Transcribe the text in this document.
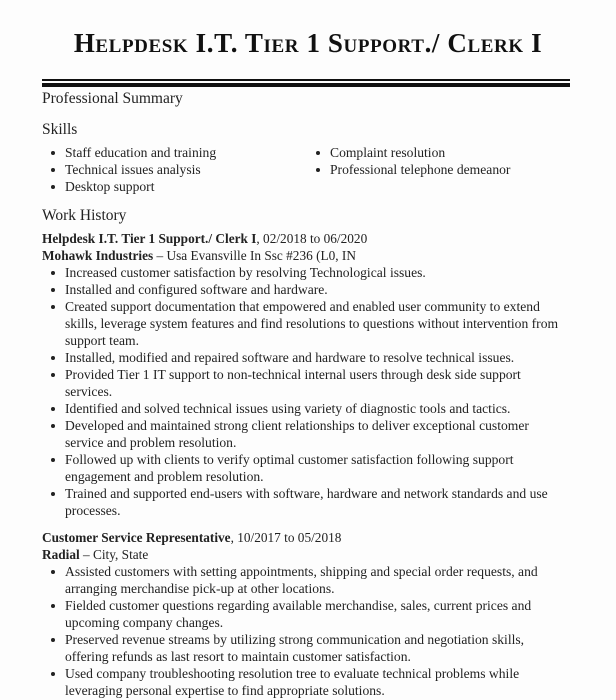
Helpdesk I.T. Tier 1 Support./ Clerk I
Professional Summary
Skills
Staff education and training
Technical issues analysis
Desktop support
Complaint resolution
Professional telephone demeanor
Work History
Helpdesk I.T. Tier 1 Support./ Clerk I, 02/2018 to 06/2020
Mohawk Industries – Usa Evansville In Ssc #236 (L0, IN
Increased customer satisfaction by resolving Technological issues.
Installed and configured software and hardware.
Created support documentation that empowered and enabled user community to extend skills, leverage system features and find resolutions to questions without intervention from support team.
Installed, modified and repaired software and hardware to resolve technical issues.
Provided Tier 1 IT support to non-technical internal users through desk side support services.
Identified and solved technical issues using variety of diagnostic tools and tactics.
Developed and maintained strong client relationships to deliver exceptional customer service and problem resolution.
Followed up with clients to verify optimal customer satisfaction following support engagement and problem resolution.
Trained and supported end-users with software, hardware and network standards and use processes.
Customer Service Representative, 10/2017 to 05/2018
Radial – City, State
Assisted customers with setting appointments, shipping and special order requests, and arranging merchandise pick-up at other locations.
Fielded customer questions regarding available merchandise, sales, current prices and upcoming company changes.
Preserved revenue streams by utilizing strong communication and negotiation skills, offering refunds as last resort to maintain customer satisfaction.
Used company troubleshooting resolution tree to evaluate technical problems while leveraging personal expertise to find appropriate solutions.
